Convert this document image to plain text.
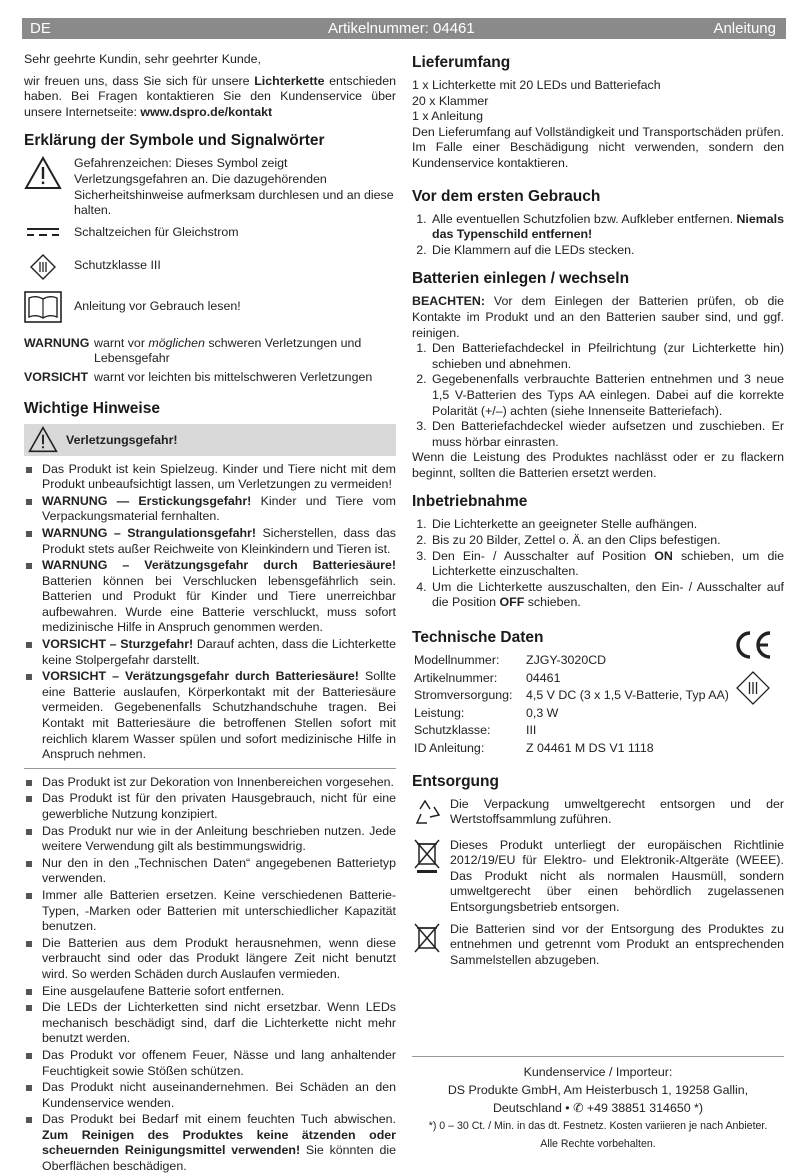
DE	Artikelnummer: 04461	Anleitung

Sehr geehrte Kundin, sehr geehrter Kunde,

wir freuen uns, dass Sie sich für unsere Lichterkette entschieden haben. Bei Fragen kontaktieren Sie den Kundenservice über unsere Internetseite: www.dspro.de/kontakt

Erklärung der Symbole und Signalwörter
Gefahrenzeichen: Dieses Symbol zeigt Verletzungsgefahren an. Die dazugehörenden Sicherheitshinweise aufmerksam durchlesen und an diese halten.
Schaltzeichen für Gleichstrom
Schutzklasse III
Anleitung vor Gebrauch lesen!
WARNUNG warnt vor möglichen schweren Verletzungen und Lebensgefahr
VORSICHT warnt vor leichten bis mittelschweren Verletzungen
Wichtige Hinweise
Verletzungsgefahr!
Das Produkt ist kein Spielzeug. Kinder und Tiere nicht mit dem Produkt unbeaufsichtigt lassen, um Verletzungen zu vermeiden!
WARNUNG — Erstickungsgefahr! Kinder und Tiere vom Verpackungsmaterial fernhalten.
WARNUNG – Strangulationsgefahr! Sicherstellen, dass das Produkt stets außer Reichweite von Kleinkindern und Tieren ist.
WARNUNG – Verätzungsgefahr durch Batteriesäure! Batterien können bei Verschlucken lebensgefährlich sein. Batterien und Produkt für Kinder und Tiere unerreichbar aufbewahren. Wurde eine Batterie verschluckt, muss sofort medizinische Hilfe in Anspruch genommen werden.
VORSICHT – Sturzgefahr! Darauf achten, dass die Lichterkette keine Stolpergefahr darstellt.
VORSICHT – Verätzungsgefahr durch Batteriesäure! Sollte eine Batterie auslaufen, Körperkontakt mit der Batteriesäure vermeiden. Gegebenenfalls Schutzhandschuhe tragen. Bei Kontakt mit Batteriesäure die betroffenen Stellen sofort mit reichlich klarem Wasser spülen und sofort medizinische Hilfe in Anspruch nehmen.
Das Produkt ist zur Dekoration von Innenbereichen vorgesehen.
Das Produkt ist für den privaten Hausgebrauch, nicht für eine gewerbliche Nutzung konzipiert.
Das Produkt nur wie in der Anleitung beschrieben nutzen. Jede weitere Verwendung gilt als bestimmungswidrig.
Nur den in den „Technischen Daten“ angegebenen Batterietyp verwenden.
Immer alle Batterien ersetzen. Keine verschiedenen Batterie-Typen, -Marken oder Batterien mit unterschiedlicher Kapazität benutzen.
Die Batterien aus dem Produkt herausnehmen, wenn diese verbraucht sind oder das Produkt längere Zeit nicht benutzt wird. So werden Schäden durch Auslaufen vermieden.
Eine ausgelaufene Batterie sofort entfernen.
Die LEDs der Lichterketten sind nicht ersetzbar. Wenn LEDs mechanisch beschädigt sind, darf die Lichterkette nicht mehr benutzt werden.
Das Produkt vor offenem Feuer, Nässe und lang anhaltender Feuchtigkeit sowie Stößen schützen.
Das Produkt nicht auseinandernehmen. Bei Schäden an den Kundenservice wenden.
Das Produkt bei Bedarf mit einem feuchten Tuch abwischen. Zum Reinigen des Produktes keine ätzenden oder scheuernden Reinigungsmittel verwenden! Sie könnten die Oberflächen beschädigen.
Lieferumfang

1 x Lichterkette mit 20 LEDs und Batteriefach

20 x Klammer

1 x Anleitung

Den Lieferumfang auf Vollständigkeit und Transportschäden prüfen. Im Falle einer Beschädigung nicht verwenden, sondern den Kundenservice kontaktieren.

Vor dem ersten Gebrauch
1. Alle eventuellen Schutzfolien bzw. Aufkleber entfernen. Niemals das Typenschild entfernen!
2. Die Klammern auf die LEDs stecken.
Batterien einlegen / wechseln

BEACHTEN: Vor dem Einlegen der Batterien prüfen, ob die Kontakte im Produkt und an den Batterien sauber sind, und ggf. reinigen.

1. Den Batteriefachdeckel in Pfeilrichtung (zur Lichterkette hin) schieben und abnehmen.
2. Gegebenenfalls verbrauchte Batterien entnehmen und 3 neue 1,5 V-Batterien des Typs AA einlegen. Dabei auf die korrekte Polarität (+/–) achten (siehe Innenseite Batteriefach).
3. Den Batteriefachdeckel wieder aufsetzen und zuschieben. Er muss hörbar einrasten.

Wenn die Leistung des Produktes nachlässt oder er zu flackern beginnt, sollten die Batterien ersetzt werden.

Inbetriebnahme
1. Die Lichterkette an geeigneter Stelle aufhängen.
2. Bis zu 20 Bilder, Zettel o. Ä. an den Clips befestigen.
3. Den Ein- / Ausschalter auf Position ON schieben, um die Lichterkette einzuschalten.
4. Um die Lichterkette auszuschalten, den Ein- / Ausschalter auf die Position OFF schieben.
Technische Daten
Modellnummer:	ZJGY-3020CD
Artikelnummer:	04461
Stromversorgung:	4,5 V DC (3 x 1,5 V-Batterie, Typ AA)
Leistung:	0,3 W
Schutzklasse:	III
ID Anleitung:	Z 04461 M DS V1 1118
Entsorgung

Die Verpackung umweltgerecht entsorgen und der Wertstoffsammlung zuführen.

Dieses Produkt unterliegt der europäischen Richtlinie 2012/19/EU für Elektro- und Elektronik-Altgeräte (WEEE). Das Produkt nicht als normalen Hausmüll, sondern umweltgerecht über einen behördlich zugelassenen Entsorgungsbetrieb entsorgen.

Die Batterien sind vor der Entsorgung des Produktes zu entnehmen und getrennt vom Produkt an entsprechenden Sammelstellen abzugeben.

Kundenservice / Importeur:

DS Produkte GmbH, Am Heisterbusch 1, 19258 Gallin,

Deutschland • ✆ +49 38851 314650 *)

*) 0 – 30 Ct. / Min. in das dt. Festnetz. Kosten variieren je nach Anbieter.

Alle Rechte vorbehalten.
